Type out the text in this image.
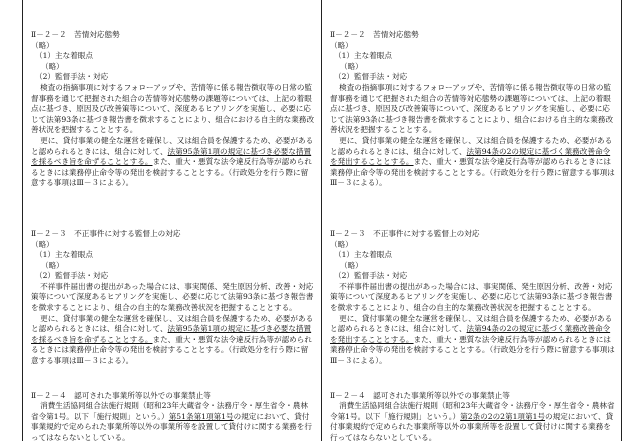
Ⅱ－２－２　苦情対応態勢
（略）
（1）主な着眼点
（略）
（2）監督手法・対応
検査の指摘事項に対するフォローアップや、苦情等に係る報告徴収等の日常の監督事務を通じて把握された組合の苦情等対応態勢の課題等については、上記の着眼点に基づき、原因及び改善策等について、深度あるヒアリングを実施し、必要に応じて法第93条に基づき報告書を徴求することにより、組合における自主的な業務改善状況を把握することとする。
更に、貸付事業の健全な運営を確保し、又は組合員を保護するため、必要があると認められるときには、組合に対して、法第95条第1項の規定に基づき必要な措置を採るべき旨を命ずることとする。また、重大・悪質な法令違反行為等が認められるときには業務停止命令等の発出を検討することとする。（行政処分を行う際に留意する事項はⅢ－３による）。
Ⅱ－２－３　不正事件に対する監督上の対応
（略）
（1）主な着眼点
（略）
（2）監督手法・対応
不祥事件届出書の提出があった場合には、事実関係、発生原因分析、改善・対応策等について深度あるヒアリングを実施し、必要に応じて法第93条に基づき報告書を徴求することにより、組合の自主的な業務改善状況を把握することとする。
更に、貸付事業の健全な運営を確保し、又は組合員を保護するため、必要があると認められるときには、組合に対して、法第95条第1項の規定に基づき必要な措置を採るべき旨を命ずることとする。また、重大・悪質な法令違反行為等が認められるときには業務停止命令等の発出を検討することとする。（行政処分を行う際に留意する事項はⅢ－３による）。
Ⅱ－２－４　認可された事業所等以外での事業禁止等
消費生活協同組合法施行規則（昭和23年大蔵省令・法務庁令・厚生省令・農林省令第1号。以下「施行規則」という。）第51条第1項第1号の規定において、貸付事業規約で定められた事業所等以外の事業所等を設置して貸付けに関する業務を行ってはならないとしている。
Ⅱ－２－２　苦情対応態勢
（略）
（1）主な着眼点
（略）
（2）監督手法・対応
検査の指摘事項に対するフォローアップや、苦情等に係る報告徴収等の日常の監督事務を通じて把握された組合の苦情等対応態勢の課題等については、上記の着眼点に基づき、原因及び改善策等について、深度あるヒアリングを実施し、必要に応じて法第93条に基づき報告書を徴求することにより、組合における自主的な業務改善状況を把握することとする。
更に、貸付事業の健全な運営を確保し、又は組合員を保護するため、必要があると認められるときには、組合に対して、法第94条の2の規定に基づく業務改善命令を発出することとする。また、重大・悪質な法令違反行為等が認められるときには業務停止命令等の発出を検討することとする。（行政処分を行う際に留意する事項はⅢ－３による）。
Ⅱ－２－３　不正事件に対する監督上の対応
（略）
（1）主な着眼点
（略）
（2）監督手法・対応
不祥事件届出書の提出があった場合には、事実関係、発生原因分析、改善・対応策等について深度あるヒアリングを実施し、必要に応じて法第93条に基づき報告書を徴求することにより、組合の自主的な業務改善状況を把握することとする。
更に、貸付事業の健全な運営を確保し、又は組合員を保護するため、必要があると認められるときには、組合に対して、法第94条の2の規定に基づく業務改善命令を発出することとする。また、重大・悪質な法令違反行為等が認められるときには業務停止命令等の発出を検討することとする。（行政処分を行う際に留意する事項はⅢ－３による）。
Ⅱ－２－４　認可された事業所等以外での事業禁止等
消費生活協同組合法施行規則（昭和23年大蔵省令・法務庁令・厚生省令・農林省令第1号。以下「施行規則」という。）第2条の2の2第1項第1号の規定において、貸付事業規約で定められた事業所等以外の事業所等を設置して貸付けに関する業務を行ってはならないとしている。
